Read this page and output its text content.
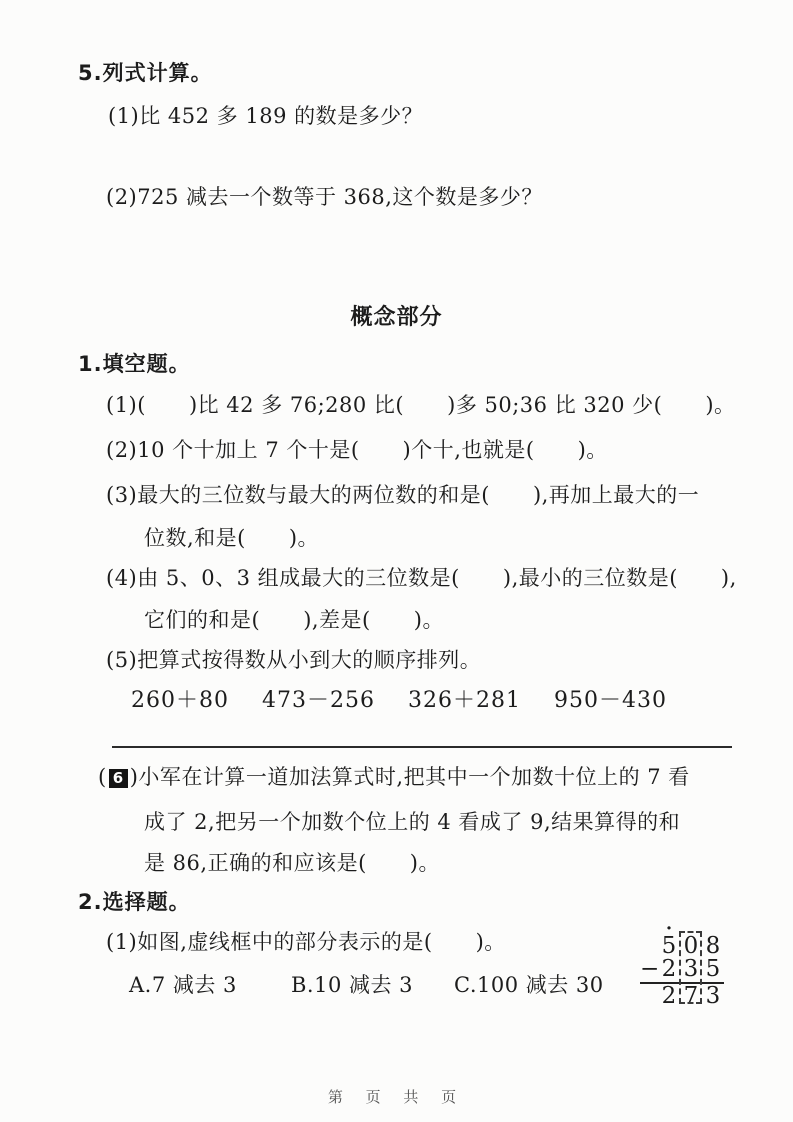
5.列式计算。
(1)比 452 多 189 的数是多少？
(2)725 减去一个数等于 368,这个数是多少？
概念部分
1.填空题。
(1)(　　)比 42 多 76;280 比(　　)多 50;36 比 320 少(　　)。
(2)10 个十加上 7 个十是(　　)个十,也就是(　　)。
(3)最大的三位数与最大的两位数的和是(　　),再加上最大的一
位数,和是(　　)。
(4)由 5、0、3 组成最大的三位数是(　　),最小的三位数是(　　),
它们的和是(　　),差是(　　)。
(5)把算式按得数从小到大的顺序排列。
260＋80 473－256 326＋281 950－430
( 6 )小军在计算一道加法算式时,把其中一个加数十位上的 7 看
成了 2,把另一个加数个位上的 4 看成了 9,结果算得的和
是 86,正确的和应该是(　　)。
2.选择题。
(1)如图,虚线框中的部分表示的是(　　)。
A.7 减去 3	B.10 减去 3 C.100 减去 30
·
5 0 8
− 2 3 5
2 7 3
第 页 共 页
